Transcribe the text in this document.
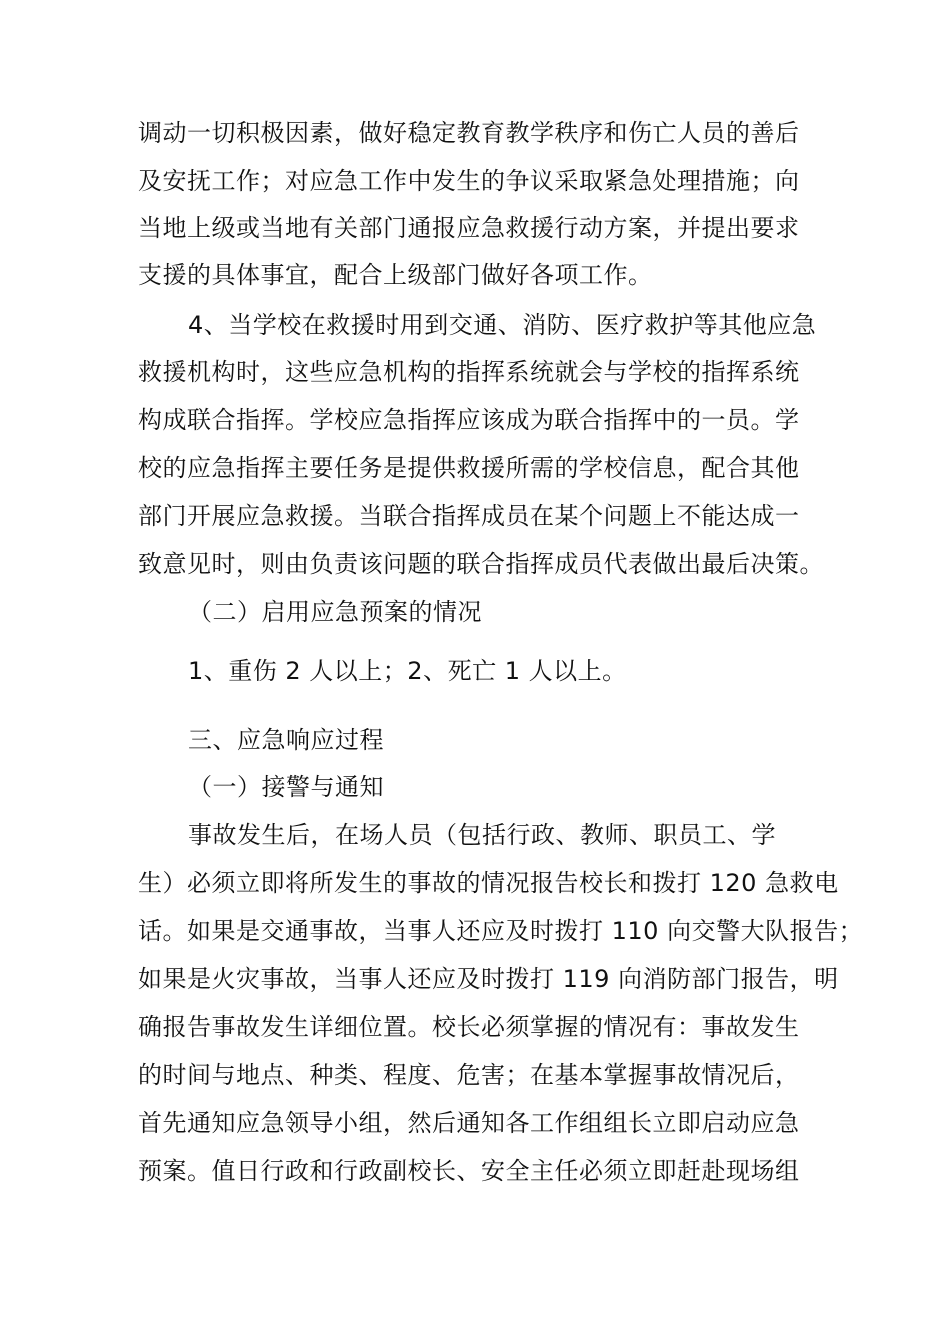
调动一切积极因素，做好稳定教育教学秩序和伤亡人员的善后
及安抚工作；对应急工作中发生的争议采取紧急处理措施；向
当地上级或当地有关部门通报应急救援行动方案，并提出要求
支援的具体事宜，配合上级部门做好各项工作。
4、当学校在救援时用到交通、消防、医疗救护等其他应急
救援机构时，这些应急机构的指挥系统就会与学校的指挥系统
构成联合指挥。学校应急指挥应该成为联合指挥中的一员。学
校的应急指挥主要任务是提供救援所需的学校信息，配合其他
部门开展应急救援。当联合指挥成员在某个问题上不能达成一
致意见时，则由负责该问题的联合指挥成员代表做出最后决策。
（二）启用应急预案的情况
1、重伤 2 人以上；2、死亡 1 人以上。
三、应急响应过程
（一）接警与通知
事故发生后，在场人员（包括行政、教师、职员工、学
生）必须立即将所发生的事故的情况报告校长和拨打 120 急救电
话。如果是交通事故，当事人还应及时拨打 110 向交警大队报告；
如果是火灾事故，当事人还应及时拨打 119 向消防部门报告，明
确报告事故发生详细位置。校长必须掌握的情况有：事故发生
的时间与地点、种类、程度、危害；在基本掌握事故情况后，
首先通知应急领导小组，然后通知各工作组组长立即启动应急
预案。值日行政和行政副校长、安全主任必须立即赶赴现场组
